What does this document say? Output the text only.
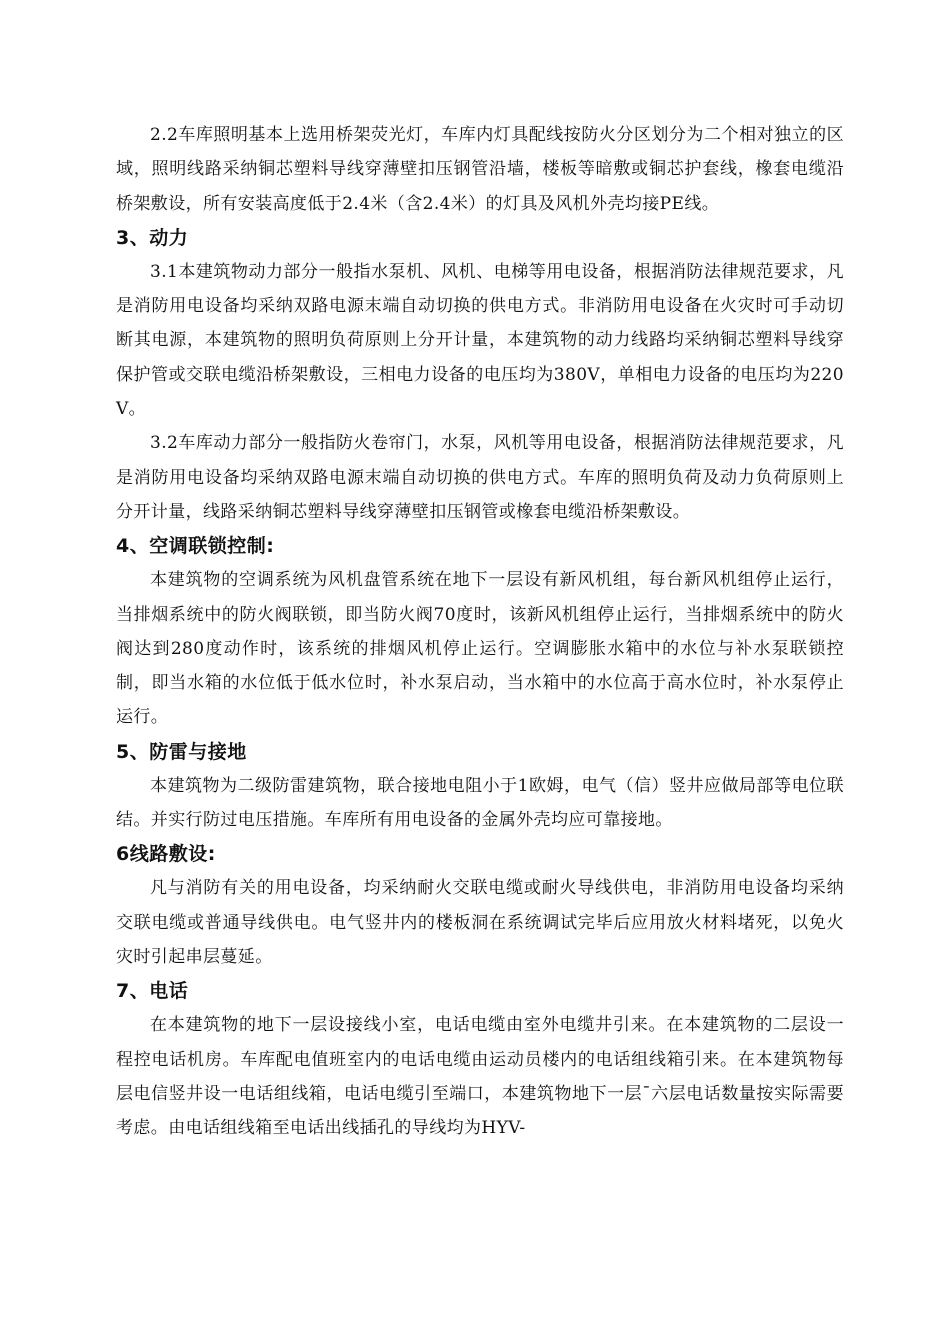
2.2车库照明基本上选用桥架荧光灯，车库内灯具配线按防火分区划分为二个相对独立的区域，照明线路采纳铜芯塑料导线穿薄壁扣压钢管沿墙，楼板等暗敷或铜芯护套线，橡套电缆沿桥架敷设，所有安装高度低于2.4米（含2.4米）的灯具及风机外壳均接PE线。

3、动力

3.1本建筑物动力部分一般指水泵机、风机、电梯等用电设备，根据消防法律规范要求，凡是消防用电设备均采纳双路电源末端自动切换的供电方式。非消防用电设备在火灾时可手动切断其电源，本建筑物的照明负荷原则上分开计量，本建筑物的动力线路均采纳铜芯塑料导线穿保护管或交联电缆沿桥架敷设，三相电力设备的电压均为380V，单相电力设备的电压均为220V。

3.2车库动力部分一般指防火卷帘门，水泵，风机等用电设备，根据消防法律规范要求，凡是消防用电设备均采纳双路电源末端自动切换的供电方式。车库的照明负荷及动力负荷原则上分开计量，线路采纳铜芯塑料导线穿薄壁扣压钢管或橡套电缆沿桥架敷设。

4、空调联锁控制:

本建筑物的空调系统为风机盘管系统在地下一层设有新风机组，每台新风机组停止运行，当排烟系统中的防火阀联锁，即当防火阀70度时，该新风机组停止运行，当排烟系统中的防火阀达到280度动作时，该系统的排烟风机停止运行。空调膨胀水箱中的水位与补水泵联锁控制，即当水箱的水位低于低水位时，补水泵启动，当水箱中的水位高于高水位时，补水泵停止运行。

5、防雷与接地

本建筑物为二级防雷建筑物，联合接地电阻小于1欧姆，电气（信）竖井应做局部等电位联结。并实行防过电压措施。车库所有用电设备的金属外壳均应可靠接地。

6线路敷设:

凡与消防有关的用电设备，均采纳耐火交联电缆或耐火导线供电，非消防用电设备均采纳交联电缆或普通导线供电。电气竖井内的楼板洞在系统调试完毕后应用放火材料堵死，以免火灾时引起串层蔓延。

7、电话

在本建筑物的地下一层设接线小室，电话电缆由室外电缆井引来。在本建筑物的二层设一程控电话机房。车库配电值班室内的电话电缆由运动员楼内的电话组线箱引来。在本建筑物每层电信竖井设一电话组线箱，电话电缆引至端口，本建筑物地下一层¯六层电话数量按实际需要考虑。由电话组线箱至电话出线插孔的导线均为HYV-
